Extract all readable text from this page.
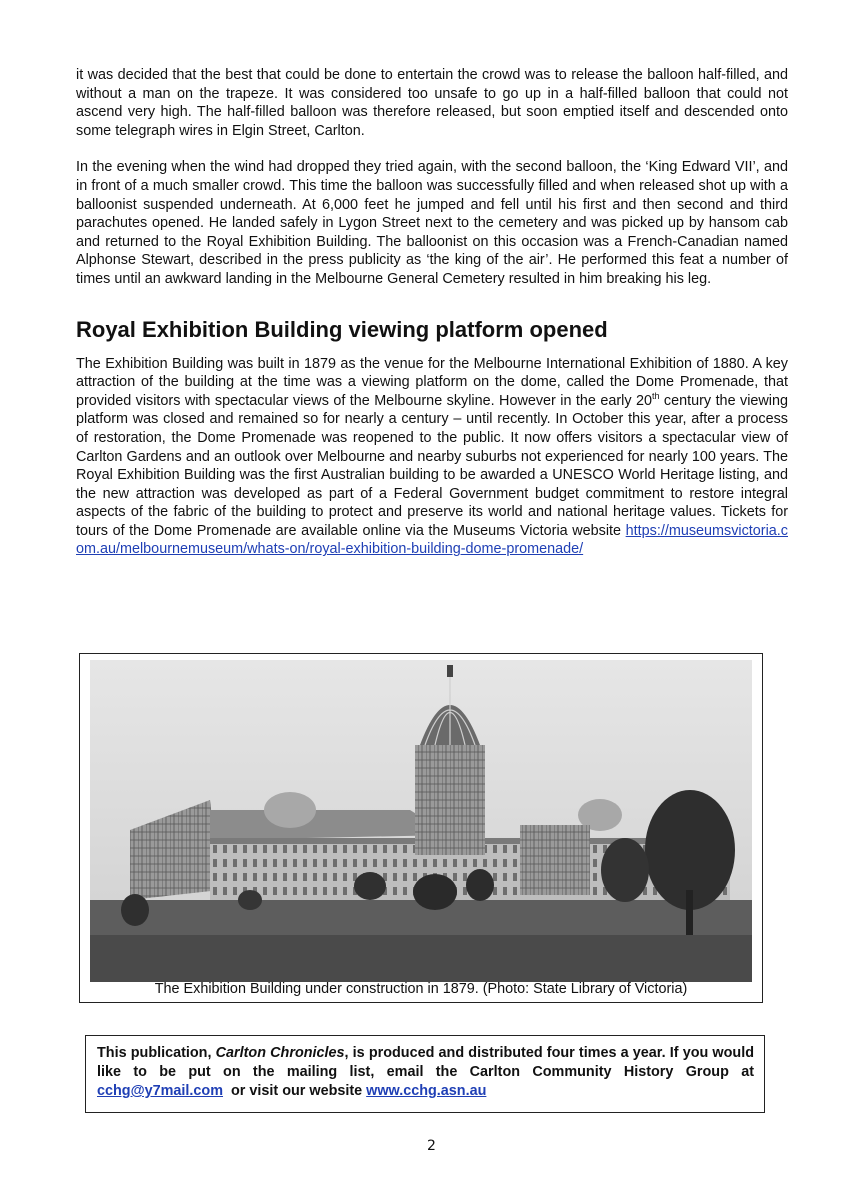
it was decided that the best that could be done to entertain the crowd was to release the balloon half-filled, and without a man on the trapeze. It was considered too unsafe to go up in a half-filled balloon that could not ascend very high. The half-filled balloon was therefore released, but soon emptied itself and descended onto some telegraph wires in Elgin Street, Carlton.

In the evening when the wind had dropped they tried again, with the second balloon, the ‘King Edward VII’, and in front of a much smaller crowd. This time the balloon was successfully filled and when released shot up with a balloonist suspended underneath. At 6,000 feet he jumped and fell until his first and then second and third parachutes opened. He landed safely in Lygon Street next to the cemetery and was picked up by hansom cab and returned to the Royal Exhibition Building. The balloonist on this occasion was a French-Canadian named Alphonse Stewart, described in the press publicity as ‘the king of the air’. He performed this feat a number of times until an awkward landing in the Melbourne General Cemetery resulted in him breaking his leg.

Royal Exhibition Building viewing platform opened

The Exhibition Building was built in 1879 as the venue for the Melbourne International Exhibition of 1880. A key attraction of the building at the time was a viewing platform on the dome, called the Dome Promenade, that provided visitors with spectacular views of the Melbourne skyline. However in the early 20th century the viewing platform was closed and remained so for nearly a century – until recently. In October this year, after a process of restoration, the Dome Promenade was reopened to the public. It now offers visitors a spectacular view of Carlton Gardens and an outlook over Melbourne and nearby suburbs not experienced for nearly 100 years. The Royal Exhibition Building was the first Australian building to be awarded a UNESCO World Heritage listing, and the new attraction was developed as part of a Federal Government budget commitment to restore integral aspects of the fabric of the building to protect and preserve its world and national heritage values. Tickets for tours of the Dome Promenade are available online via the Museums Victoria website https://museumsvictoria.com.au/melbournemuseum/whats-on/royal-exhibition-building-dome-promenade/

The Exhibition Building under construction in 1879. (Photo: State Library of Victoria)
This publication, Carlton Chronicles, is produced and distributed four times a year. If you would like to be put on the mailing list, email the Carlton Community History Group at cchg@y7mail.com  or visit our website www.cchg.asn.au
2
